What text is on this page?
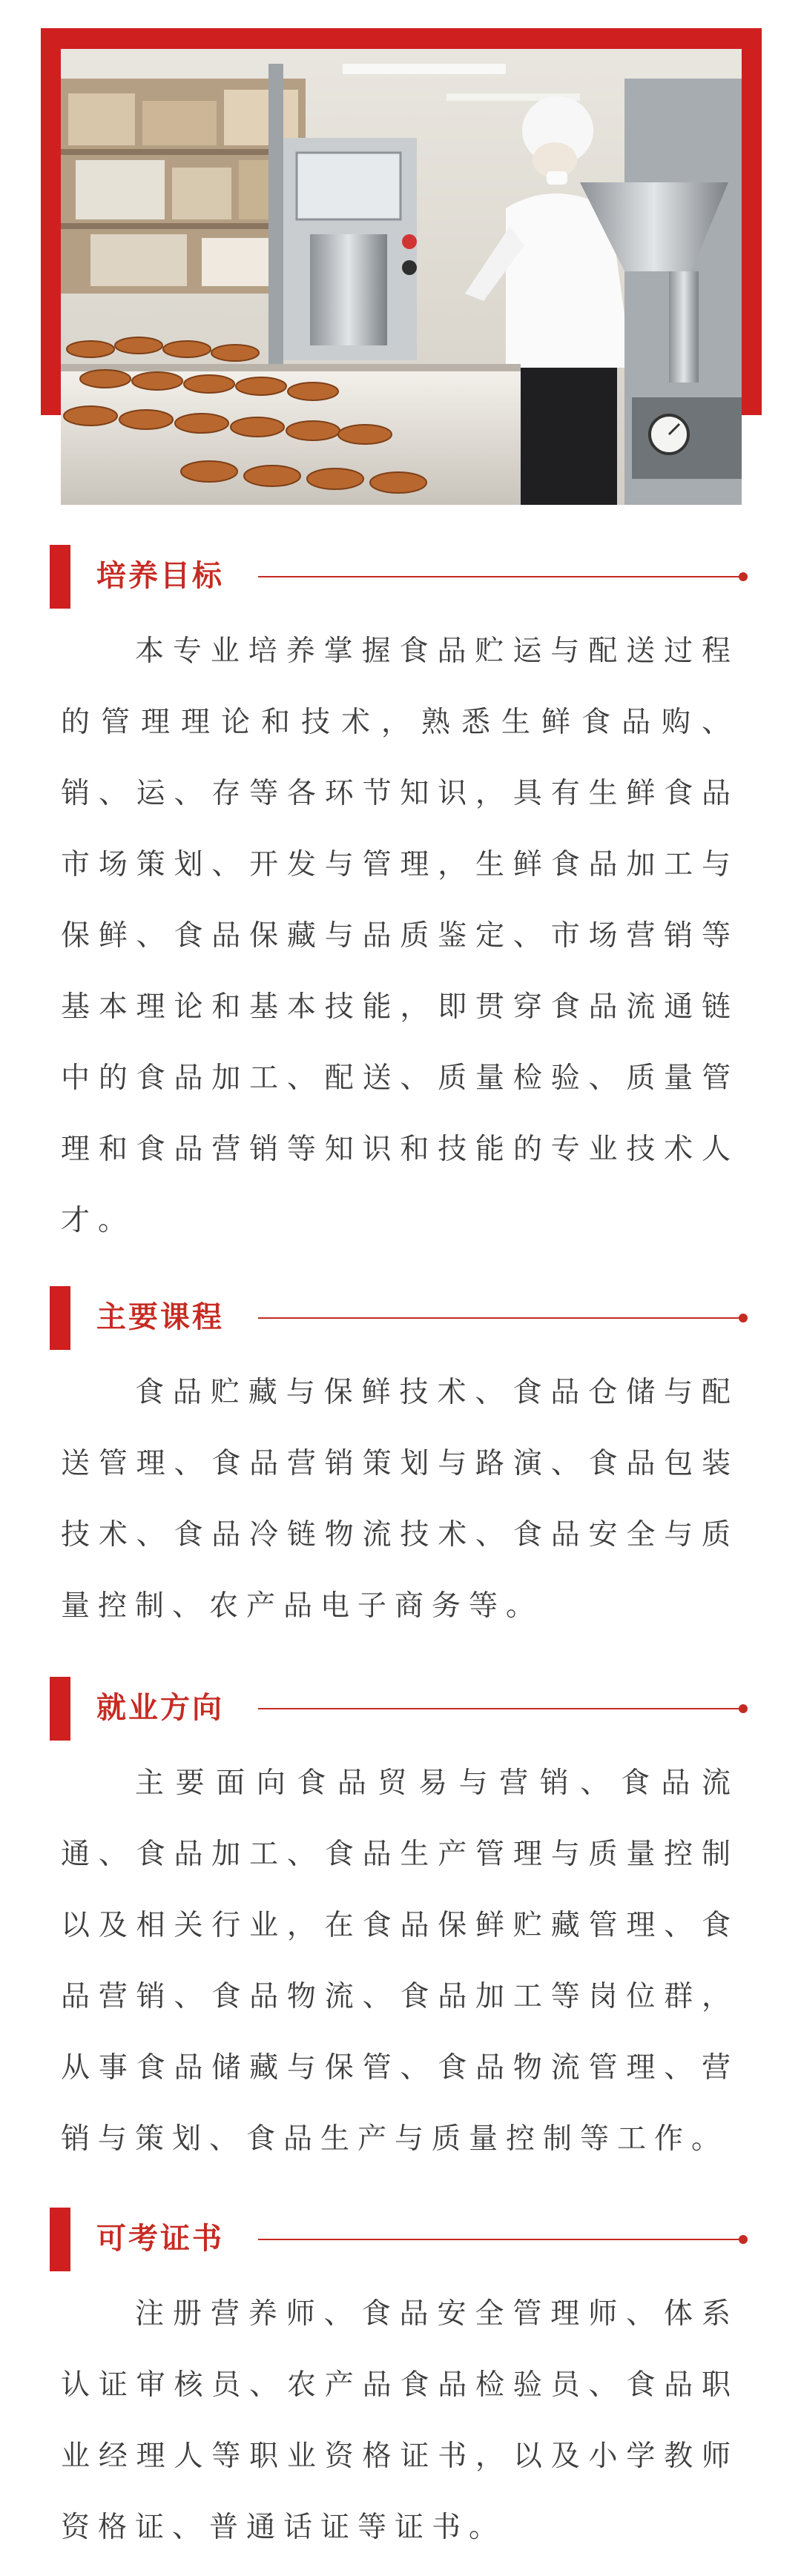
培养目标
本专业培养掌握食品贮运与配送过程的管理理论和技术，熟悉生鲜食品购、销、运、存等各环节知识，具有生鲜食品市场策划、开发与管理，生鲜食品加工与保鲜、食品保藏与品质鉴定、市场营销等基本理论和基本技能，即贯穿食品流通链中的食品加工、配送、质量检验、质量管理和食品营销等知识和技能的专业技术人才。
主要课程
食品贮藏与保鲜技术、食品仓储与配送管理、食品营销策划与路演、食品包装技术、食品冷链物流技术、食品安全与质量控制、农产品电子商务等。
就业方向
主要面向食品贸易与营销、食品流通、食品加工、食品生产管理与质量控制以及相关行业，在食品保鲜贮藏管理、食品营销、食品物流、食品加工等岗位群，从事食品储藏与保管、食品物流管理、营销与策划、食品生产与质量控制等工作。
可考证书
注册营养师、食品安全管理师、体系认证审核员、农产品食品检验员、食品职业经理人等职业资格证书，以及小学教师资格证、普通话证等证书。
